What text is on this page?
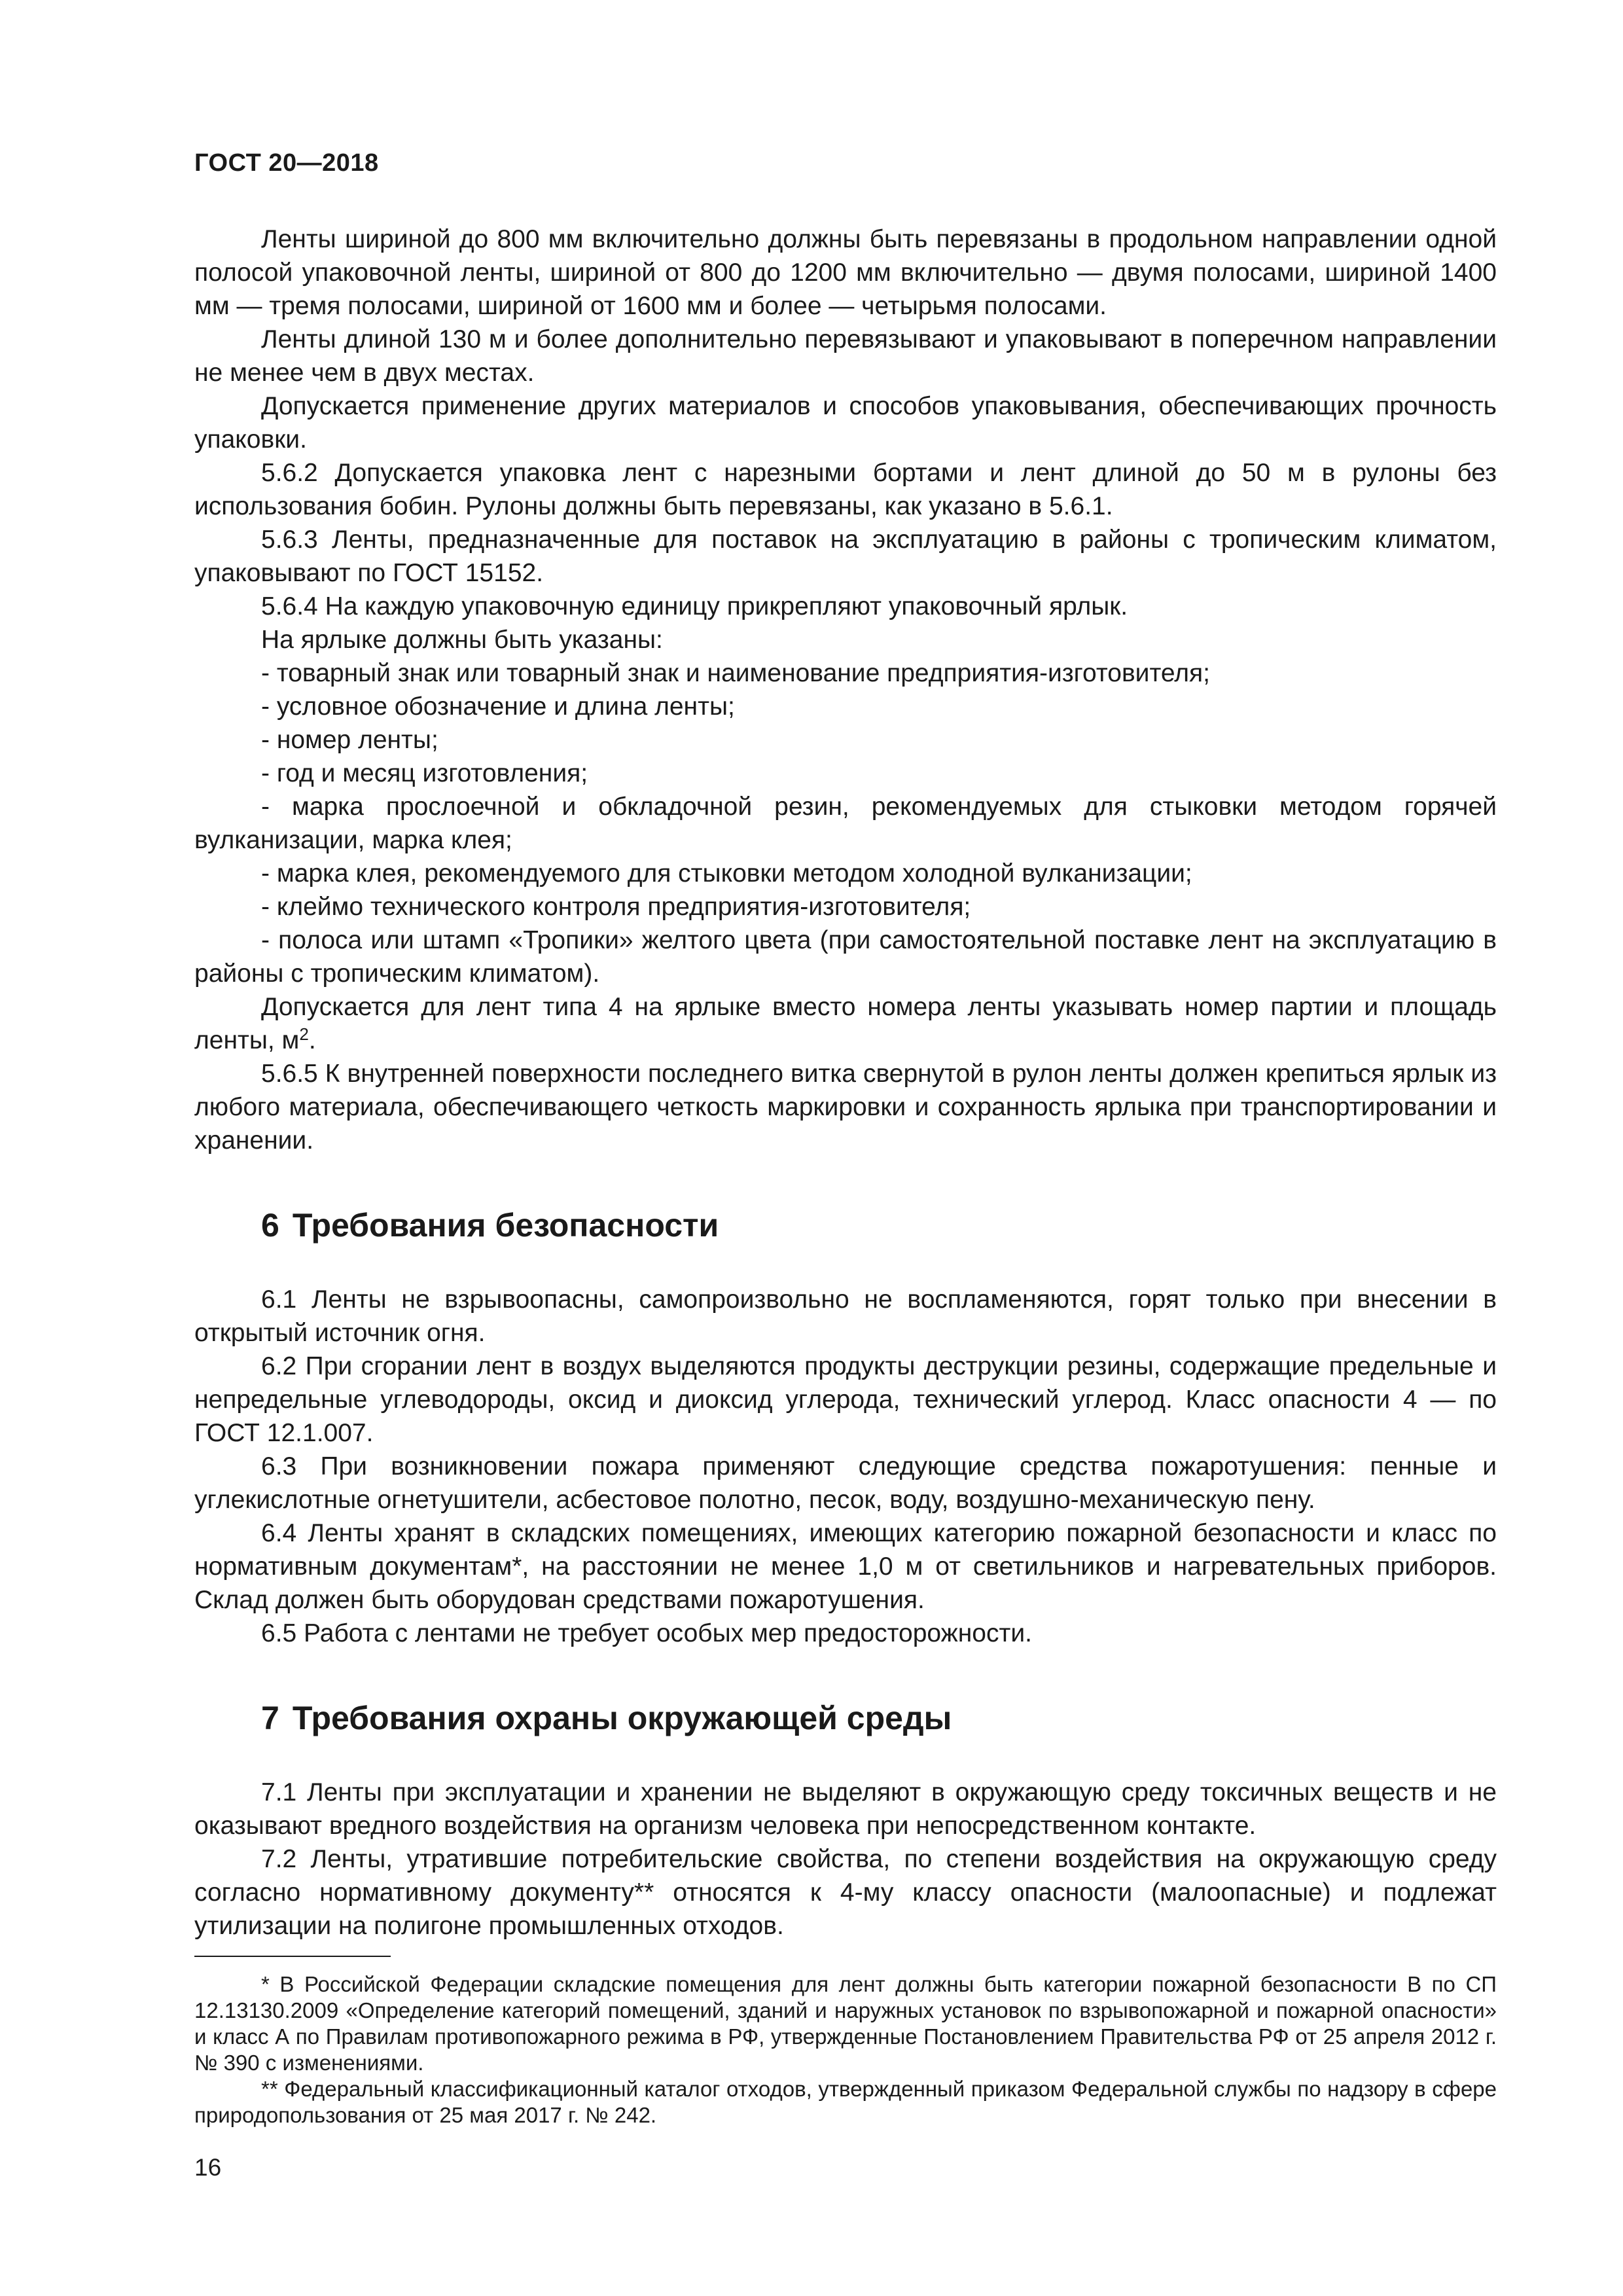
ГОСТ 20—2018

Ленты шириной до 800 мм включительно должны быть перевязаны в продольном направлении одной полосой упаковочной ленты, шириной от 800 до 1200 мм включительно — двумя полосами, шириной 1400 мм — тремя полосами, шириной от 1600 мм и более — четырьмя полосами.

Ленты длиной 130 м и более дополнительно перевязывают и упаковывают в поперечном направлении не менее чем в двух местах.

Допускается применение других материалов и способов упаковывания, обеспечивающих прочность упаковки.

5.6.2 Допускается упаковка лент с нарезными бортами и лент длиной до 50 м в рулоны без использования бобин. Рулоны должны быть перевязаны, как указано в 5.6.1.

5.6.3 Ленты, предназначенные для поставок на эксплуатацию в районы с тропическим климатом, упаковывают по ГОСТ 15152.

5.6.4 На каждую упаковочную единицу прикрепляют упаковочный ярлык.

На ярлыке должны быть указаны:

- товарный знак или товарный знак и наименование предприятия-изготовителя;

- условное обозначение и длина ленты;

- номер ленты;

- год и месяц изготовления;

- марка прослоечной и обкладочной резин, рекомендуемых для стыковки методом горячей вулканизации, марка клея;

- марка клея, рекомендуемого для стыковки методом холодной вулканизации;

- клеймо технического контроля предприятия-изготовителя;

- полоса или штамп «Тропики» желтого цвета (при самостоятельной поставке лент на эксплуатацию в районы с тропическим климатом).

Допускается для лент типа 4 на ярлыке вместо номера ленты указывать номер партии и площадь ленты, $м^2$.

5.6.5 К внутренней поверхности последнего витка свернутой в рулон ленты должен крепиться ярлык из любого материала, обеспечивающего четкость маркировки и сохранность ярлыка при транспортировании и хранении.

6 Требования безопасности

6.1 Ленты не взрывоопасны, самопроизвольно не воспламеняются, горят только при внесении в открытый источник огня.

6.2 При сгорании лент в воздух выделяются продукты деструкции резины, содержащие предельные и непредельные углеводороды, оксид и диоксид углерода, технический углерод. Класс опасности 4 — по ГОСТ 12.1.007.

6.3 При возникновении пожара применяют следующие средства пожаротушения: пенные и углекислотные огнетушители, асбестовое полотно, песок, воду, воздушно-механическую пену.

6.4 Ленты хранят в складских помещениях, имеющих категорию пожарной безопасности и класс по нормативным документам*, на расстоянии не менее 1,0 м от светильников и нагревательных приборов. Склад должен быть оборудован средствами пожаротушения.

6.5 Работа с лентами не требует особых мер предосторожности.

7 Требования охраны окружающей среды

7.1 Ленты при эксплуатации и хранении не выделяют в окружающую среду токсичных веществ и не оказывают вредного воздействия на организм человека при непосредственном контакте.

7.2 Ленты, утратившие потребительские свойства, по степени воздействия на окружающую среду согласно нормативному документу** относятся к 4-му классу опасности (малоопасные) и подлежат утилизации на полигоне промышленных отходов.

* В Российской Федерации складские помещения для лент должны быть категории пожарной безопасности В по СП 12.13130.2009 «Определение категорий помещений, зданий и наружных установок по взрывопожарной и пожарной опасности» и класс А по Правилам противопожарного режима в РФ, утвержденные Постановлением Правительства РФ от 25 апреля 2012 г. № 390 с изменениями.

** Федеральный классификационный каталог отходов, утвержденный приказом Федеральной службы по надзору в сфере природопользования от 25 мая 2017 г. № 242.

16
